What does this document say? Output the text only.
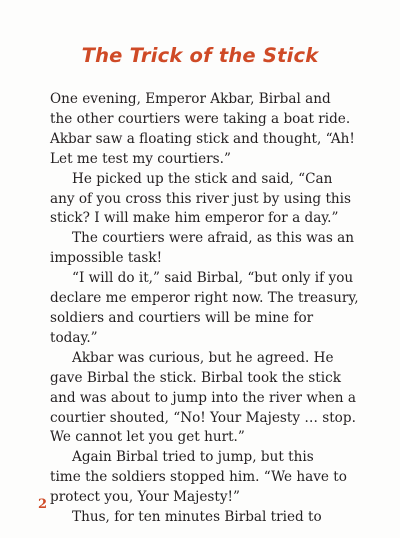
The Trick of the Stick
One evening, Emperor Akbar, Birbal and
the other courtiers were taking a boat ride.
Akbar saw a floating stick and thought, “Ah!
Let me test my courtiers.”
He picked up the stick and said, “Can
any of you cross this river just by using this
stick? I will make him emperor for a day.”
The courtiers were afraid, as this was an
impossible task!
“I will do it,” said Birbal, “but only if you
declare me emperor right now. The treasury,
soldiers and courtiers will be mine for
today.”
Akbar was curious, but he agreed. He
gave Birbal the stick. Birbal took the stick
and was about to jump into the river when a
courtier shouted, “No! Your Majesty … stop.
We cannot let you get hurt.”
Again Birbal tried to jump, but this
time the soldiers stopped him. “We have to
protect you, Your Majesty!”
Thus, for ten minutes Birbal tried to
2
